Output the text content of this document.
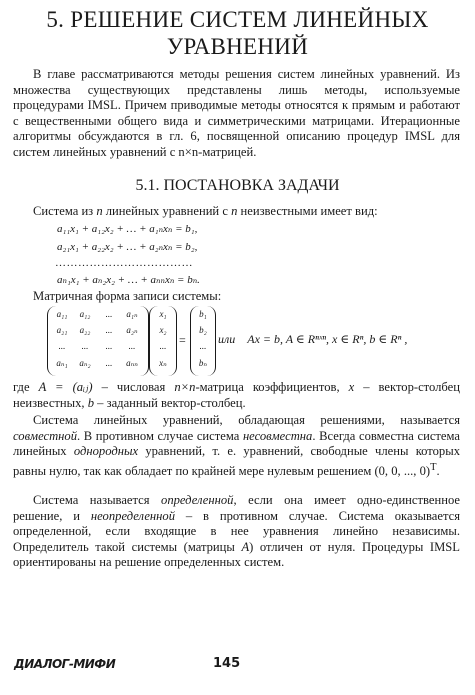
5. РЕШЕНИЕ СИСТЕМ ЛИНЕЙНЫХ
УРАВНЕНИЙ

В главе рассматриваются методы решения систем линейных уравнений. Из множества существующих представлены лишь методы, используемые процедурами IMSL. Причем приводимые методы относятся к прямым и работают с вещественными общего вида и симметрическими матрицами. Итерационные алгоритмы обсуждаются в гл. 6, посвященной описанию процедур IMSL для систем линейных уравнений с n×n-матрицей.

5.1. ПОСТАНОВКА ЗАДАЧИ

Система из n линейных уравнений с n неизвестными имеет вид:

a₁₁x₁ + a₁₂x₂ + … + a₁ₙxₙ = b₁,
a₂₁x₁ + a₂₂x₂ + … + a₂ₙxₙ = b₂,
………………………………
aₙ₁x₁ + aₙ₂x₂ + … + aₙₙxₙ = bₙ.

Матричная форма записи системы:

a₁₁	a₁₂	...	a₁ₙ
a₂₁	a₂₂	...	a₂ₙ
...	...	...	...
aₙ₁	aₙ₂	...	aₙₙ
x₁
x₂
...
xₙ
=
b₁
b₂
...
bₙ
или Ax = b, A ∈ Rⁿˣⁿ, x ∈ Rⁿ, b ∈ Rⁿ ,

где A = (aᵢⱼ) – числовая n×n-матрица коэффициентов, x – вектор-столбец неизвестных, b – заданный вектор-столбец.

Система линейных уравнений, обладающая решениями, называется совместной. В противном случае система несовместна. Всегда совместна система линейных однородных уравнений, т. е. уравнений, свободные члены которых равны нулю, так как обладает по крайней мере нулевым решением (0, 0, ..., 0)$^T$.

Система называется определенной, если она имеет одно-единственное решение, и неопределенной – в противном случае. Система оказывается определенной, если входящие в нее уравнения линейно независимы. Определитель такой системы (матрицы A) отличен от нуля. Процедуры IMSL ориентированы на решение определенных систем.

ДИАЛОГ-МИФИ	145
